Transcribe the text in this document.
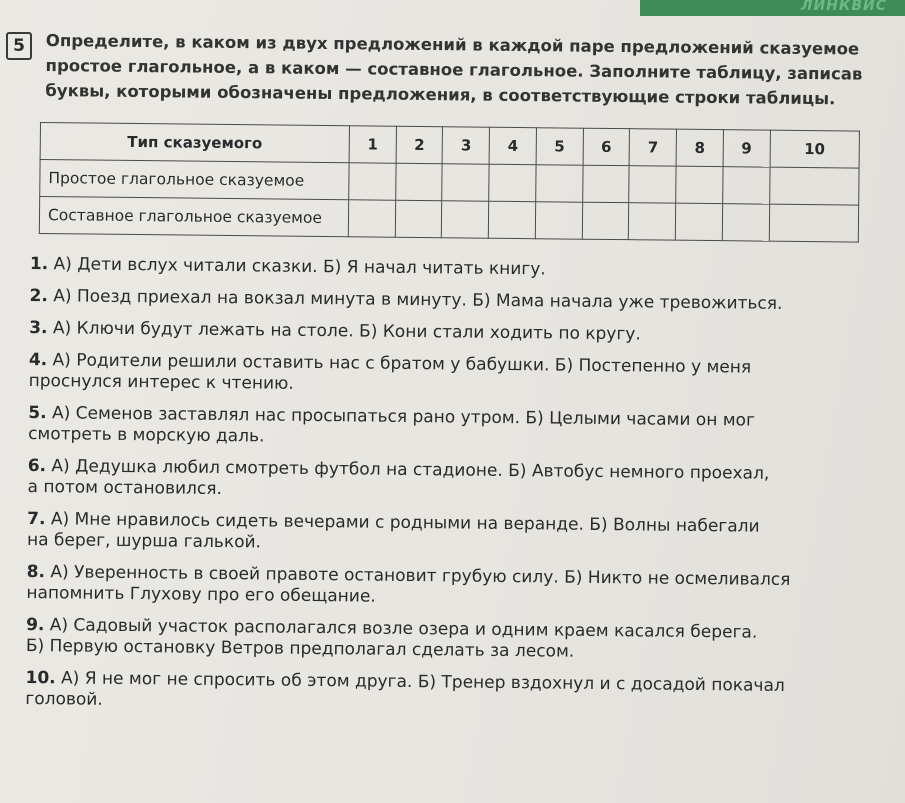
ЛИНКВИС
5	Определите, в каком из двух предложений в каждой паре предложений сказуемое
простое глагольное, а в каком — составное глагольное. Заполните таблицу, записав
буквы, которыми обозначены предложения, в соответствующие строки таблицы.
Тип сказуемого	1	2	3	4	5	6	7	8	9	10
Простое глагольное сказуемое										
Составное глагольное сказуемое										
1. А) Дети вслух читали сказки. Б) Я начал читать книгу.
2. А) Поезд приехал на вокзал минута в минуту. Б) Мама начала уже тревожиться.
3. А) Ключи будут лежать на столе. Б) Кони стали ходить по кругу.
4. А) Родители решили оставить нас с братом у бабушки. Б) Постепенно у меня
проснулся интерес к чтению.
5. А) Семенов заставлял нас просыпаться рано утром. Б) Целыми часами он мог
смотреть в морскую даль.
6. А) Дедушка любил смотреть футбол на стадионе. Б) Автобус немного проехал,
а потом остановился.
7. А) Мне нравилось сидеть вечерами с родными на веранде. Б) Волны набегали
на берег, шурша галькой.
8. А) Уверенность в своей правоте остановит грубую силу. Б) Никто не осмеливался
напомнить Глухову про его обещание.
9. А) Садовый участок располагался возле озера и одним краем касался берега.
Б) Первую остановку Ветров предполагал сделать за лесом.
10. А) Я не мог не спросить об этом друга. Б) Тренер вздохнул и с досадой покачал
головой.
